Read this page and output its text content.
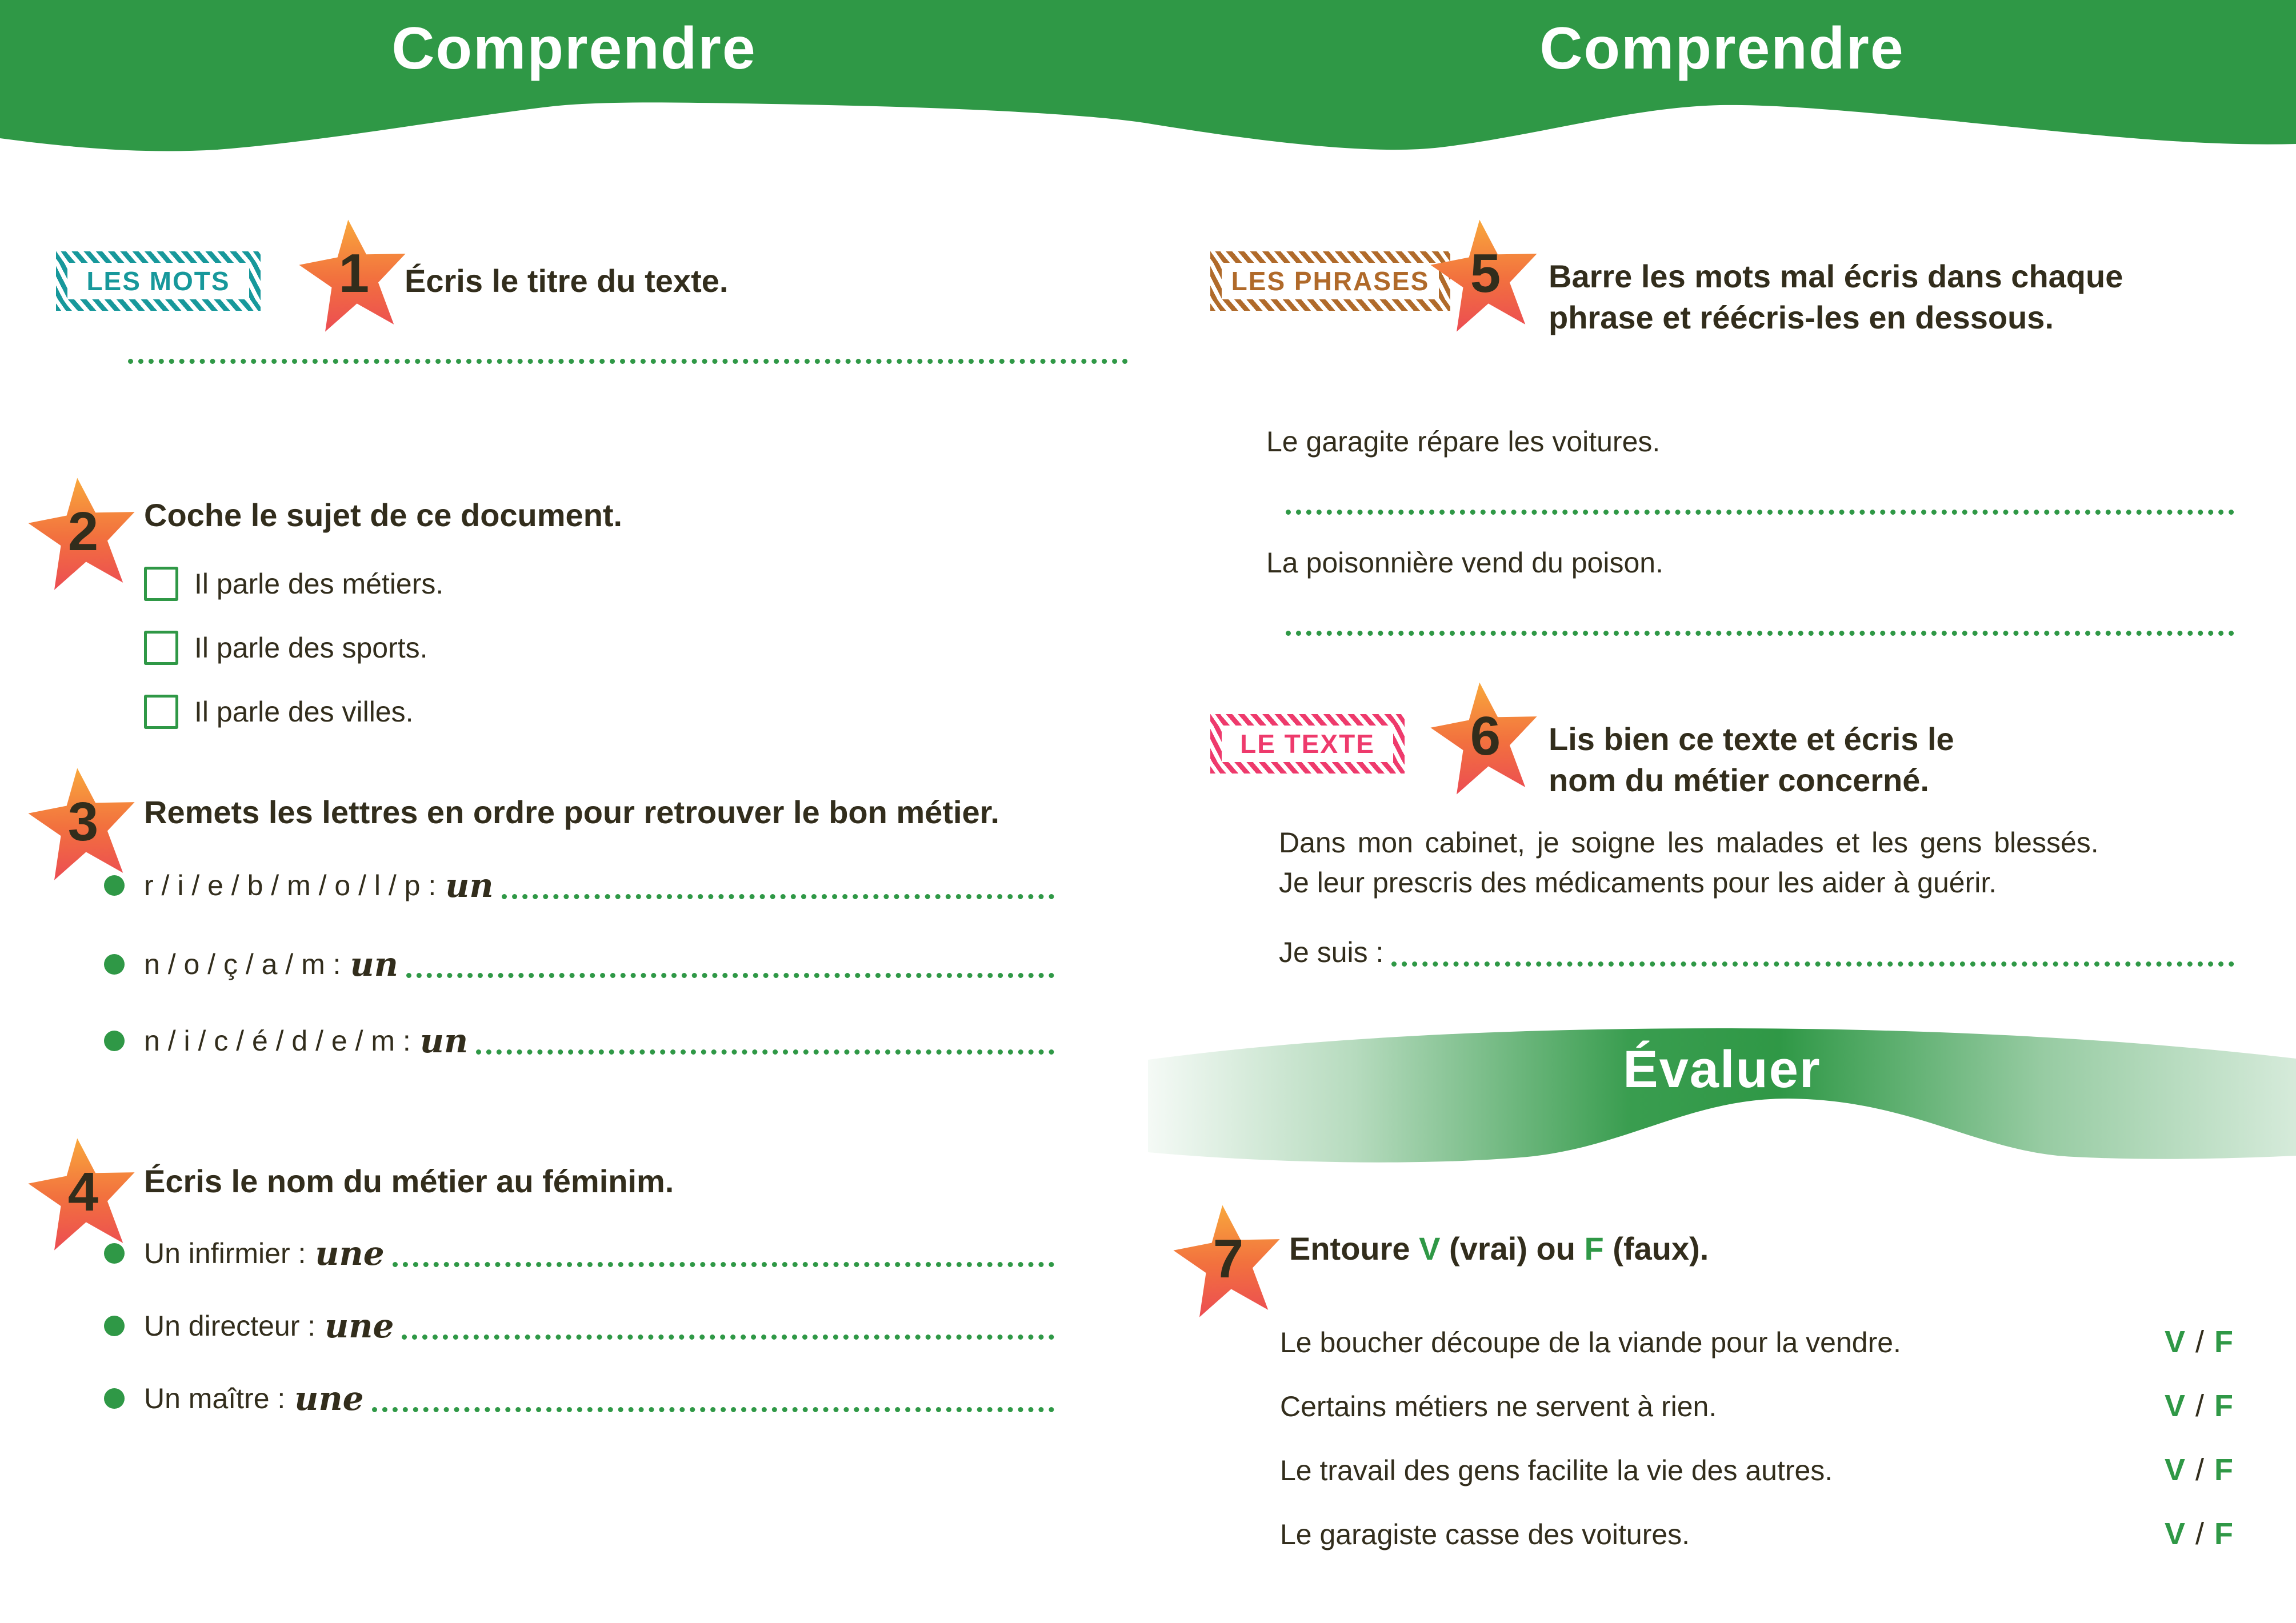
Comprendre	Comprendre
LES MOTS 1 Écris le titre du texte.
2 Coche le sujet de ce document.
Il parle des métiers.
Il parle des sports.
Il parle des villes.
3 Remets les lettres en ordre pour retrouver le bon métier.
r / i / e / b / m / o / l / p : un
n / o / ç / a / m : un
n / i / c / é / d / e / m : un
4 Écris le nom du métier au féminim.
Un infirmier : une
Un directeur : une
Un maître : une
LES PHRASES 5 Barre les mots mal écris dans chaque
phrase et réécris-les en dessous.
Le garagite répare les voitures.
La poisonnière vend du poison.
LE TEXTE 6 Lis bien ce texte et écris le
nom du métier concerné.
Dans mon cabinet, je soigne les malades et les gens blessés.
Je leur prescris des médicaments pour les aider à guérir.
Je suis :
Évaluer
7 Entoure V (vrai) ou F (faux).
Le boucher découpe de la viande pour la vendre.	V / F
Certains métiers ne servent à rien.	V / F
Le travail des gens facilite la vie des autres.	V / F
Le garagiste casse des voitures.	V / F
